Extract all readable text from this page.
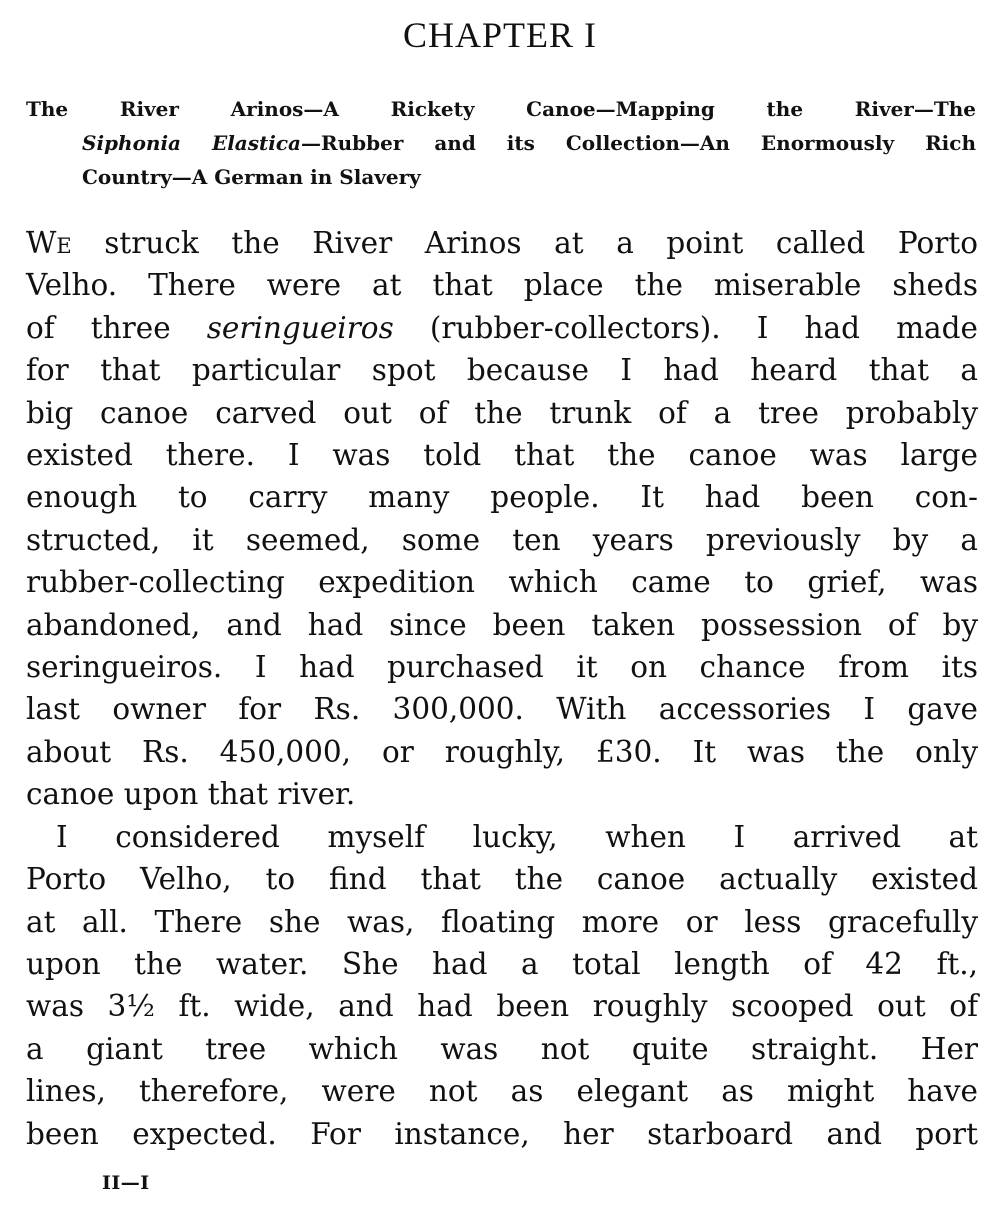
CHAPTER I
The River Arinos—A Rickety Canoe—Mapping the River—The
Siphonia Elastica—Rubber and its Collection—An Enormously Rich
Country—A German in Slavery
We struck the River Arinos at a point called Porto
Velho. There were at that place the miserable sheds
of three seringueiros (rubber-collectors). I had made
for that particular spot because I had heard that a
big canoe carved out of the trunk of a tree probably
existed there. I was told that the canoe was large
enough to carry many people. It had been con-
structed, it seemed, some ten years previously by a
rubber-collecting expedition which came to grief, was
abandoned, and had since been taken possession of by
seringueiros. I had purchased it on chance from its
last owner for Rs. 300,000. With accessories I gave
about Rs. 450,000, or roughly, £30. It was the only
canoe upon that river.
I considered myself lucky, when I arrived at
Porto Velho, to find that the canoe actually existed
at all. There she was, floating more or less gracefully
upon the water. She had a total length of 42 ft.,
was 3½ ft. wide, and had been roughly scooped out of
a giant tree which was not quite straight. Her
lines, therefore, were not as elegant as might have
been expected. For instance, her starboard and port
II—I
